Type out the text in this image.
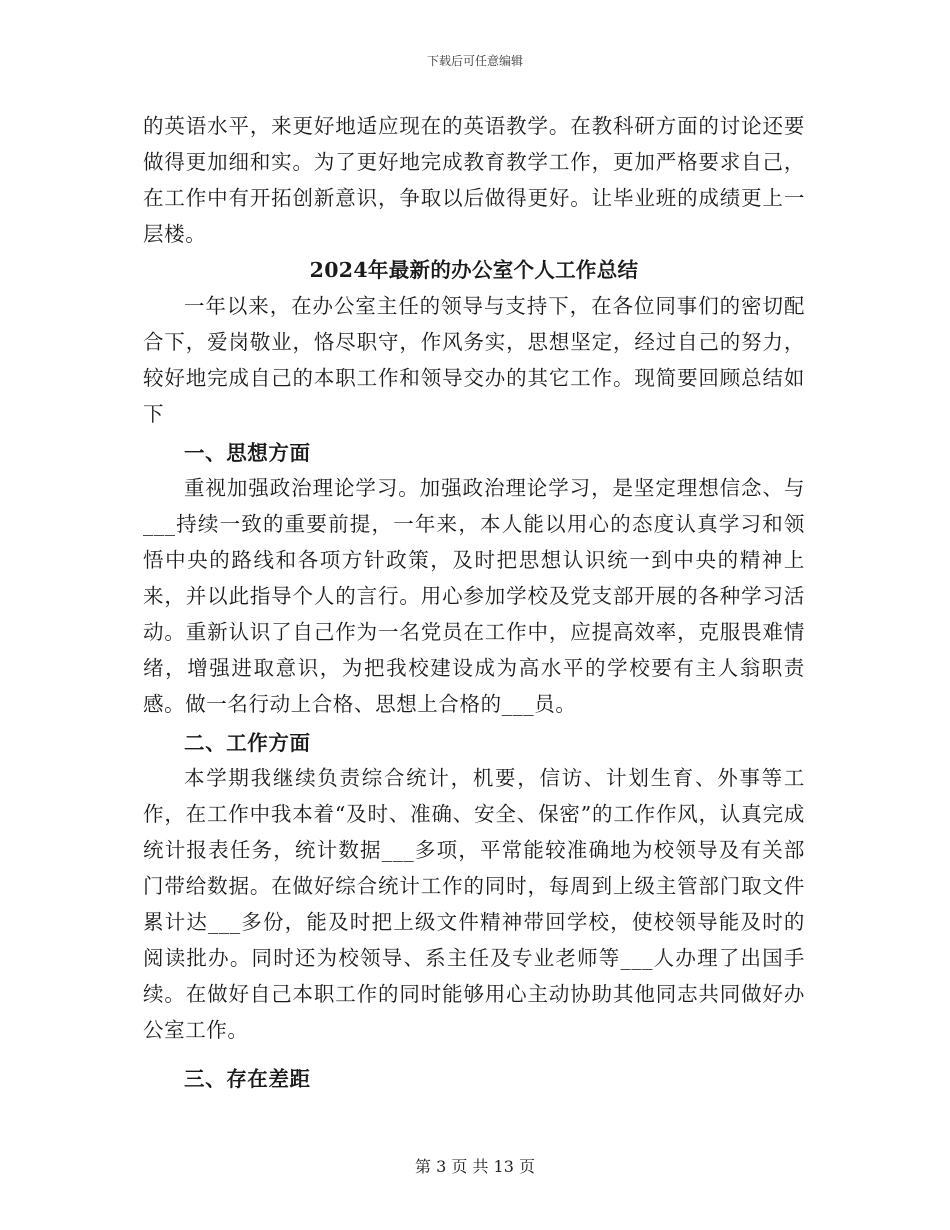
下载后可任意编辑

的英语水平，来更好地适应现在的英语教学。在教科研方面的讨论还要做得更加细和实。为了更好地完成教育教学工作，更加严格要求自己，在工作中有开拓创新意识，争取以后做得更好。让毕业班的成绩更上一层楼。

2024年最新的办公室个人工作总结

一年以来，在办公室主任的领导与支持下，在各位同事们的密切配合下，爱岗敬业，恪尽职守，作风务实，思想坚定，经过自己的努力，较好地完成自己的本职工作和领导交办的其它工作。现简要回顾总结如下

一、思想方面

重视加强政治理论学习。加强政治理论学习，是坚定理想信念、与___持续一致的重要前提，一年来，本人能以用心的态度认真学习和领悟中央的路线和各项方针政策，及时把思想认识统一到中央的精神上来，并以此指导个人的言行。用心参加学校及党支部开展的各种学习活动。重新认识了自己作为一名党员在工作中，应提高效率，克服畏难情绪，增强进取意识，为把我校建设成为高水平的学校要有主人翁职责感。做一名行动上合格、思想上合格的___员。

二、工作方面

本学期我继续负责综合统计，机要，信访、计划生育、外事等工作，在工作中我本着“及时、准确、安全、保密”的工作作风，认真完成统计报表任务，统计数据___多项，平常能较准确地为校领导及有关部门带给数据。在做好综合统计工作的同时，每周到上级主管部门取文件累计达___多份，能及时把上级文件精神带回学校，使校领导能及时的阅读批办。同时还为校领导、系主任及专业老师等___人办理了出国手续。在做好自己本职工作的同时能够用心主动协助其他同志共同做好办公室工作。

三、存在差距

第 3 页 共 13 页
